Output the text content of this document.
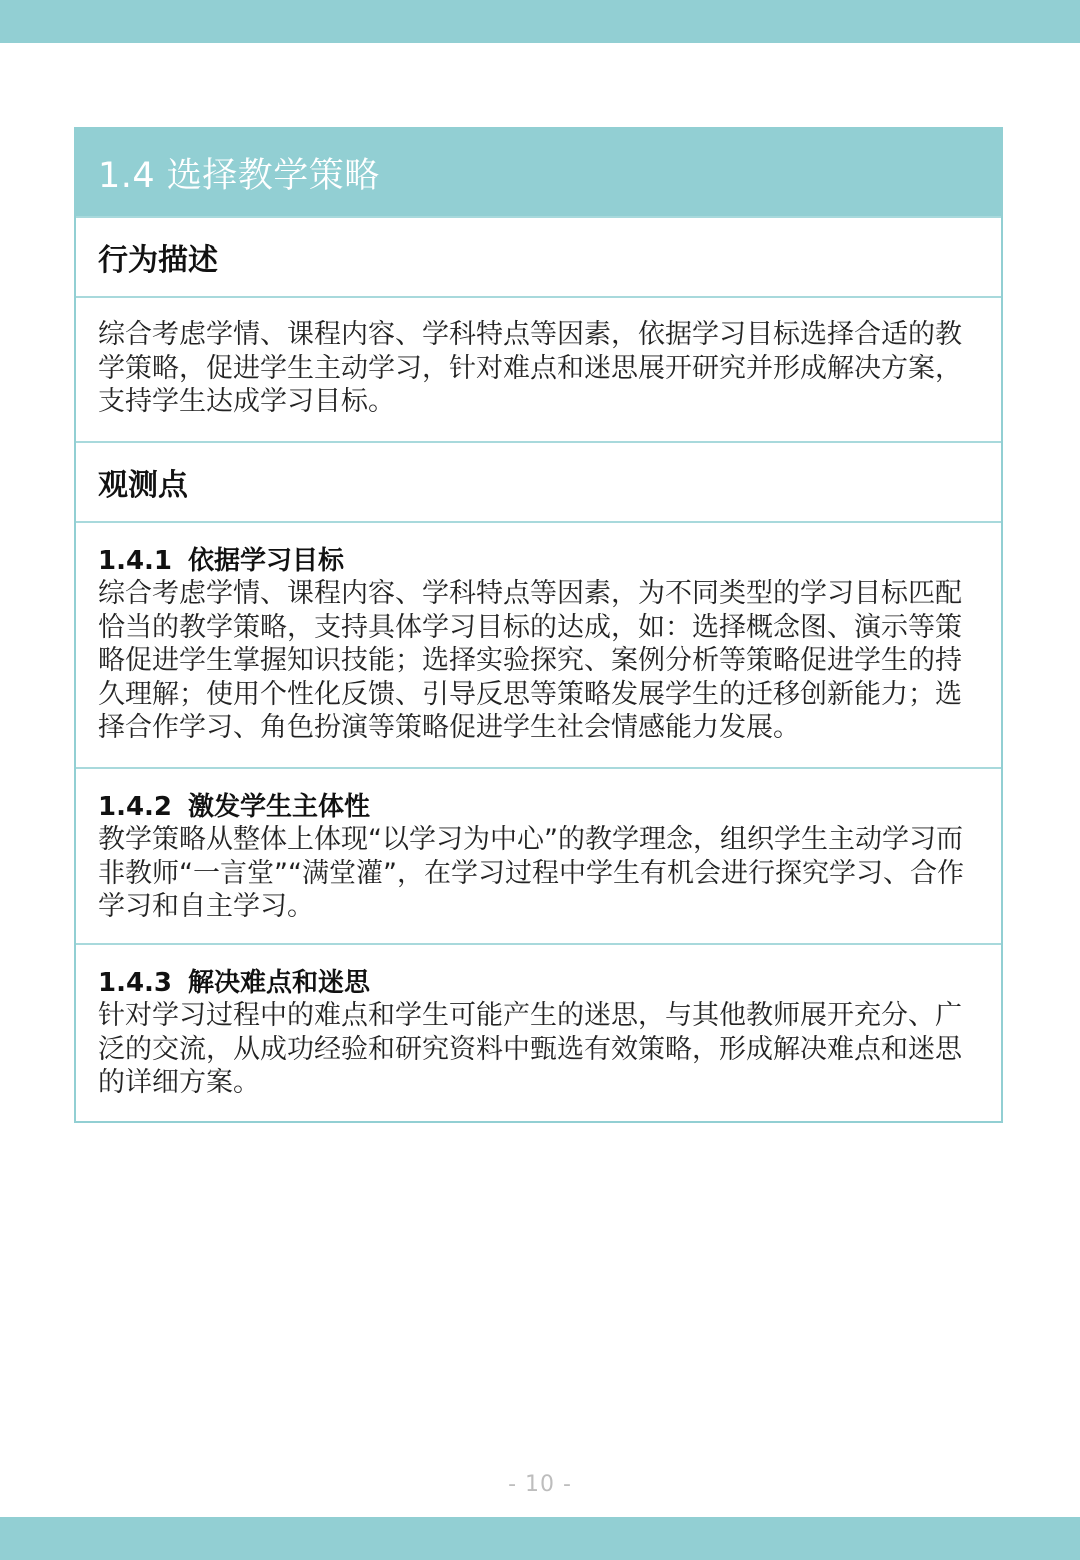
1.4 选择教学策略
行为描述
综合考虑学情、课程内容、学科特点等因素，依据学习目标选择合适的教学策略，促进学生主动学习，针对难点和迷思展开研究并形成解决方案，支持学生达成学习目标。
观测点
1.4.1 依据学习目标
综合考虑学情、课程内容、学科特点等因素，为不同类型的学习目标匹配恰当的教学策略，支持具体学习目标的达成，如：选择概念图、演示等策略促进学生掌握知识技能；选择实验探究、案例分析等策略促进学生的持久理解；使用个性化反馈、引导反思等策略发展学生的迁移创新能力；选择合作学习、角色扮演等策略促进学生社会情感能力发展。
1.4.2 激发学生主体性
教学策略从整体上体现“以学习为中心”的教学理念，组织学生主动学习而非教师“一言堂”“满堂灌”，在学习过程中学生有机会进行探究学习、合作学习和自主学习。
1.4.3 解决难点和迷思
针对学习过程中的难点和学生可能产生的迷思，与其他教师展开充分、广泛的交流，从成功经验和研究资料中甄选有效策略，形成解决难点和迷思的详细方案。
- 10 -
